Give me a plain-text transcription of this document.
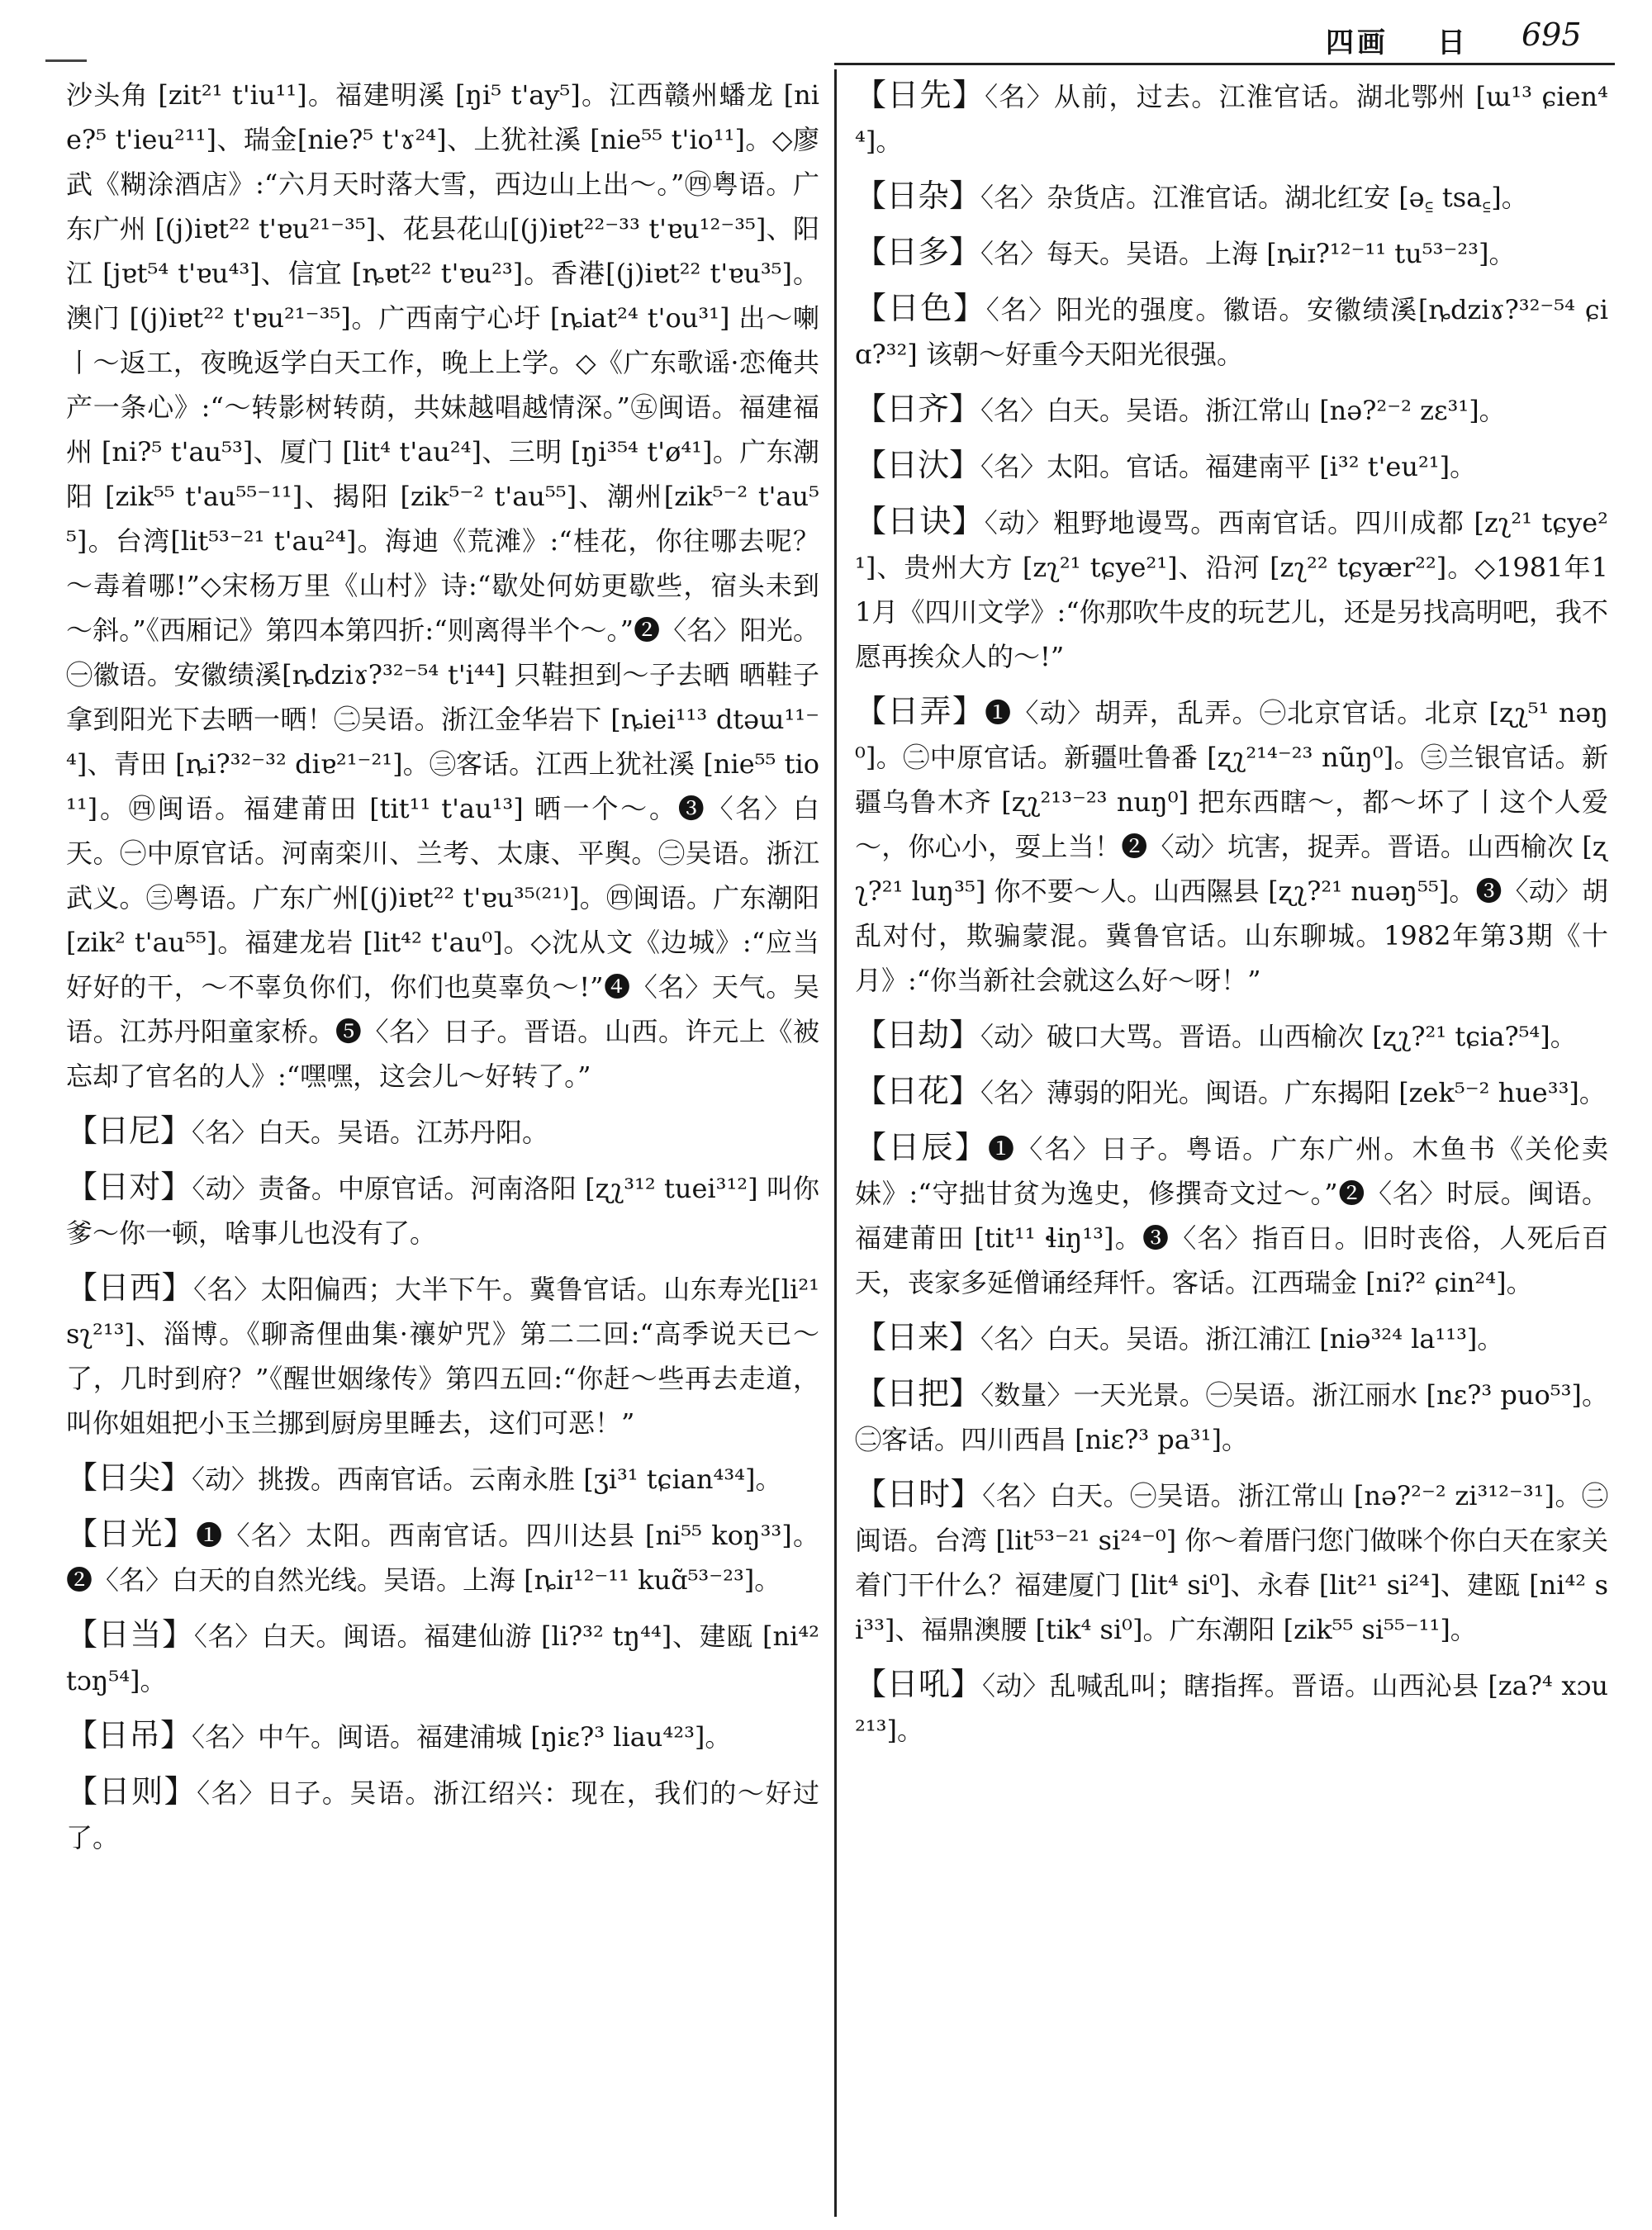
四画 日 695

沙头角 [zit²¹ t'iu¹¹]。福建明溪 [ŋi⁵ t'ay⁵]。江西赣州蟠龙 [nie?⁵ t'ieu²¹¹]、瑞金[nie?⁵ t'ɤ²⁴]、上犹社溪 [nie⁵⁵ t'io¹¹]。◇廖武《糊涂酒店》:“六月天时落大雪，西边山上出～。”㊃粤语。广东广州 [(j)iɐt²² t'ɐu²¹⁻³⁵]、花县花山[(j)iɐt²²⁻³³ t'ɐu¹²⁻³⁵]、阳江 [jɐt⁵⁴ t'ɐu⁴³]、信宜 [ȵɐt²² t'ɐu²³]。香港[(j)iɐt²² t'ɐu³⁵]。澳门 [(j)iɐt²² t'ɐu²¹⁻³⁵]。广西南宁心圩 [ȵiat²⁴ t'ou³¹] 出～喇丨～返工，夜晚返学白天工作，晚上上学。◇《广东歌谣·恋俺共产一条心》:“～转影树转荫，共妹越唱越情深。”㊄闽语。福建福州 [ni?⁵ t'au⁵³]、厦门 [lit⁴ t'au²⁴]、三明 [ŋi³⁵⁴ t'ø⁴¹]。广东潮阳 [zik⁵⁵ t'au⁵⁵⁻¹¹]、揭阳 [zik⁵⁻² t'au⁵⁵]、潮州[zik⁵⁻² t'au⁵⁵]。台湾[lit⁵³⁻²¹ t'au²⁴]。海迪《荒滩》:“桂花，你往哪去呢？～毒着哪!”◇宋杨万里《山村》诗:“歇处何妨更歇些，宿头未到～斜。”《西厢记》第四本第四折:“则离得半个～。”❷〈名〉阳光。㊀徽语。安徽绩溪[ȵdziɤ?³²⁻⁵⁴ t'i⁴⁴] 只鞋担到～子去晒 晒鞋子拿到阳光下去晒一晒！㊁吴语。浙江金华岩下 [ȵiei¹¹³ dtəɯ¹¹⁻⁴]、青田 [ȵi?³²⁻³² diɐ²¹⁻²¹]。㊂客话。江西上犹社溪 [nie⁵⁵ tio¹¹]。㊃闽语。福建莆田 [tit¹¹ t'au¹³] 晒一个～。❸〈名〉白天。㊀中原官话。河南栾川、兰考、太康、平舆。㊁吴语。浙江武义。㊂粤语。广东广州[(j)iɐt²² t'ɐu³⁵⁽²¹⁾]。㊃闽语。广东潮阳 [zik² t'au⁵⁵]。福建龙岩 [lit⁴² t'au⁰]。◇沈从文《边城》:“应当好好的干，～不辜负你们，你们也莫辜负～!”❹〈名〉天气。吴语。江苏丹阳童家桥。❺〈名〉日子。晋语。山西。许元上《被忘却了官名的人》:“嘿嘿，这会儿～好转了。”

【日尼】〈名〉白天。吴语。江苏丹阳。

【日对】〈动〉责备。中原官话。河南洛阳 [ʐʅ³¹² tuei³¹²] 叫你爹～你一顿，啥事儿也没有了。

【日西】〈名〉太阳偏西；大半下午。冀鲁官话。山东寿光[li²¹ sʅ²¹³]、淄博。《聊斋俚曲集·禳妒咒》第二二回:“高季说天已～了，几时到府？”《醒世姻缘传》第四五回:“你赶～些再去走道，叫你姐姐把小玉兰挪到厨房里睡去，这们可恶！”

【日尖】〈动〉挑拨。西南官话。云南永胜 [ʒi³¹ tɕian⁴³⁴]。

【日光】❶〈名〉太阳。西南官话。四川达县 [ni⁵⁵ koŋ³³]。❷〈名〉白天的自然光线。吴语。上海 [ȵiɪ¹²⁻¹¹ kuɑ̃⁵³⁻²³]。

【日当】〈名〉白天。闽语。福建仙游 [li?³² tŋ⁴⁴]、建瓯 [ni⁴² tɔŋ⁵⁴]。

【日吊】〈名〉中午。闽语。福建浦城 [ŋiɛ?³ liau⁴²³]。

【日则】〈名〉日子。吴语。浙江绍兴：现在，我们的～好过了。

【日先】〈名〉从前，过去。江淮官话。湖北鄂州 [ɯ¹³ ɕien⁴⁴]。

【日杂】〈名〉杂货店。江淮官话。湖北红安 [ə꜁ tsa꜁]。

【日多】〈名〉每天。吴语。上海 [ȵiɪ?¹²⁻¹¹ tu⁵³⁻²³]。

【日色】〈名〉阳光的强度。徽语。安徽绩溪[ȵdziɤ?³²⁻⁵⁴ ɕiɑ?³²] 该朝～好重今天阳光很强。

【日齐】〈名〉白天。吴语。浙江常山 [nə?²⁻² zɛ³¹]。

【日汏】〈名〉太阳。官话。福建南平 [i³² t'eu²¹]。

【日诀】〈动〉粗野地谩骂。西南官话。四川成都 [zʅ²¹ tɕye²¹]、贵州大方 [zʅ²¹ tɕye²¹]、沿河 [zʅ²² tɕyær²²]。◇1981年11月《四川文学》:“你那吹牛皮的玩艺儿，还是另找高明吧，我不愿再挨众人的～!”

【日弄】❶〈动〉胡弄，乱弄。㊀北京官话。北京 [ʐʅ⁵¹ nəŋ⁰]。㊁中原官话。新疆吐鲁番 [ʐʅ²¹⁴⁻²³ nũŋ⁰]。㊂兰银官话。新疆乌鲁木齐 [ʐʅ²¹³⁻²³ nuŋ⁰] 把东西瞎～，都～坏了丨这个人爱～，你心小，耍上当！❷〈动〉坑害，捉弄。晋语。山西榆次 [ʐʅ?²¹ luŋ³⁵] 你不要～人。山西隰县 [ʐʅ?²¹ nuəŋ⁵⁵]。❸〈动〉胡乱对付，欺骗蒙混。冀鲁官话。山东聊城。1982年第3期《十月》:“你当新社会就这么好～呀！”

【日劫】〈动〉破口大骂。晋语。山西榆次 [ʐʅ?²¹ tɕia?⁵⁴]。

【日花】〈名〉薄弱的阳光。闽语。广东揭阳 [zek⁵⁻² hue³³]。

【日辰】❶〈名〉日子。粤语。广东广州。木鱼书《关伦卖妹》:“守拙甘贫为逸史，修撰奇文过～。”❷〈名〉时辰。闽语。福建莆田 [tit¹¹ ɬiŋ¹³]。❸〈名〉指百日。旧时丧俗，人死后百天，丧家多延僧诵经拜忏。客话。江西瑞金 [ni?² ɕin²⁴]。

【日来】〈名〉白天。吴语。浙江浦江 [niə³²⁴ la¹¹³]。

【日把】〈数量〉一天光景。㊀吴语。浙江丽水 [nɛ?³ puo⁵³]。㊁客话。四川西昌 [niɛ?³ pa³¹]。

【日时】〈名〉白天。㊀吴语。浙江常山 [nə?²⁻² zi³¹²⁻³¹]。㊁闽语。台湾 [lit⁵³⁻²¹ si²⁴⁻⁰] 你～着厝闩您门做咪个你白天在家关着门干什么？福建厦门 [lit⁴ si⁰]、永春 [lit²¹ si²⁴]、建瓯 [ni⁴² si³³]、福鼎澳腰 [tik⁴ si⁰]。广东潮阳 [zik⁵⁵ si⁵⁵⁻¹¹]。

【日吼】〈动〉乱喊乱叫；瞎指挥。晋语。山西沁县 [za?⁴ xɔu²¹³]。
